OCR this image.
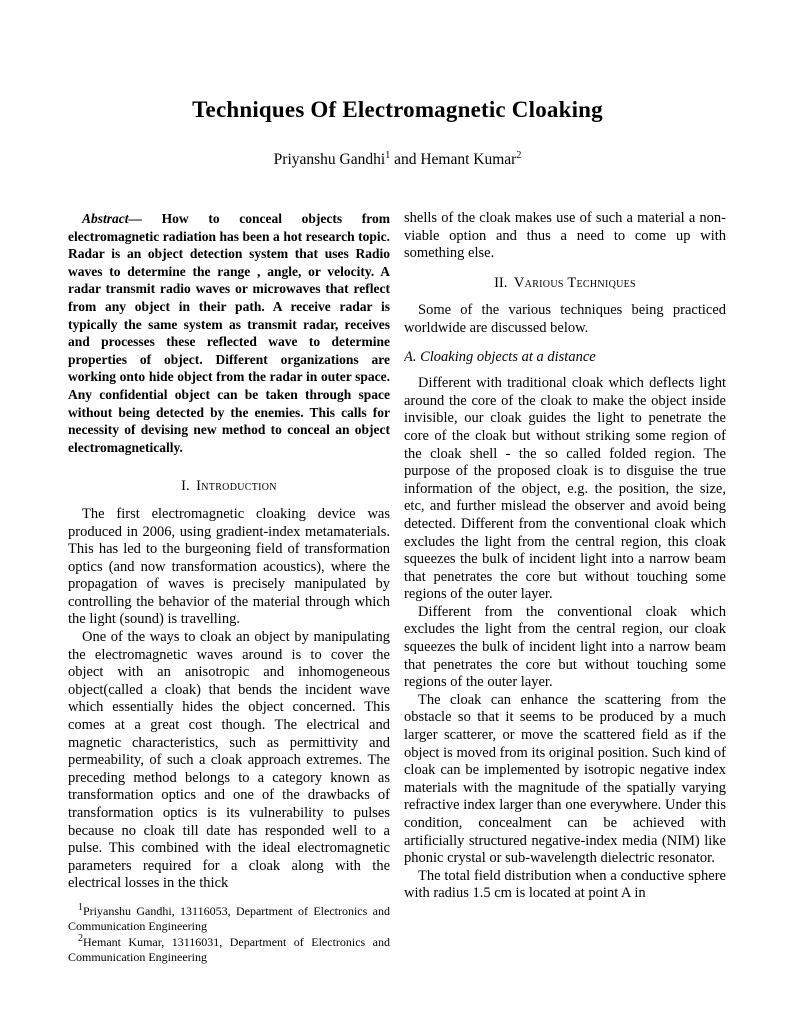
Techniques Of Electromagnetic Cloaking
Priyanshu Gandhi$^1$ and Hemant Kumar$^2$

Abstract— How to conceal objects from electromagnetic radiation has been a hot research topic. Radar is an object detection system that uses Radio waves to determine the range , angle, or velocity. A radar transmit radio waves or microwaves that reflect from any object in their path. A receive radar is typically the same system as transmit radar, receives and processes these reflected wave to determine properties of object. Different organizations are working onto hide object from the radar in outer space. Any confidential object can be taken through space without being detected by the enemies. This calls for necessity of devising new method to conceal an object electromagnetically.

I. Introduction

The first electromagnetic cloaking device was produced in 2006, using gradient-index metamaterials. This has led to the burgeoning field of transformation optics (and now transformation acoustics), where the propagation of waves is precisely manipulated by controlling the behavior of the material through which the light (sound) is travelling.

One of the ways to cloak an object by manipulating the electromagnetic waves around is to cover the object with an anisotropic and inhomogeneous object(called a cloak) that bends the incident wave which essentially hides the object concerned. This comes at a great cost though. The electrical and magnetic characteristics, such as permittivity and permeability, of such a cloak approach extremes. The preceding method belongs to a category known as transformation optics and one of the drawbacks of transformation optics is its vulnerability to pulses because no cloak till date has responded well to a pulse. This combined with the ideal electromagnetic parameters required for a cloak along with the electrical losses in the thick

$^1$Priyanshu Gandhi, 13116053, Department of Electronics and Communication Engineering

$^2$Hemant Kumar, 13116031, Department of Electronics and Communication Engineering

shells of the cloak makes use of such a material a non-viable option and thus a need to come up with something else.

II. Various Techniques

Some of the various techniques being practiced worldwide are discussed below.

A. Cloaking objects at a distance

Different with traditional cloak which deflects light around the core of the cloak to make the object inside invisible, our cloak guides the light to penetrate the core of the cloak but without striking some region of the cloak shell - the so called folded region. The purpose of the proposed cloak is to disguise the true information of the object, e.g. the position, the size, etc, and further mislead the observer and avoid being detected. Different from the conventional cloak which excludes the light from the central region, this cloak squeezes the bulk of incident light into a narrow beam that penetrates the core but without touching some regions of the outer layer.

Different from the conventional cloak which excludes the light from the central region, our cloak squeezes the bulk of incident light into a narrow beam that penetrates the core but without touching some regions of the outer layer.

The cloak can enhance the scattering from the obstacle so that it seems to be produced by a much larger scatterer, or move the scattered field as if the object is moved from its original position. Such kind of cloak can be implemented by isotropic negative index materials with the magnitude of the spatially varying refractive index larger than one everywhere. Under this condition, concealment can be achieved with artificially structured negative-index media (NIM) like phonic crystal or sub-wavelength dielectric resonator.

The total field distribution when a conductive sphere with radius 1.5 cm is located at point A in
